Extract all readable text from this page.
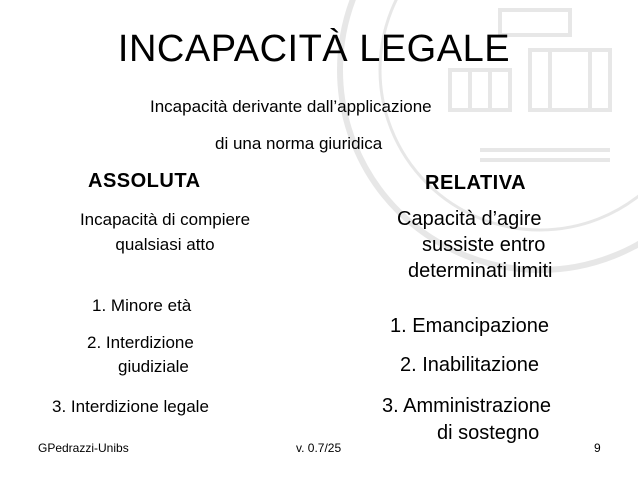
INCAPACITÀ LEGALE
Incapacità derivante dall’applicazione
di una norma giuridica
ASSOLUTA
Incapacità di compiere qualsiasi atto
1. Minore età
2. Interdizione
giudiziale
3. Interdizione legale
RELATIVA
Capacità d’agire
sussiste entro
determinati limiti
1. Emancipazione
2. Inabilitazione
3. Amministrazione
di sostegno
GPedrazzi-Unibs	v. 0.7/25	9
